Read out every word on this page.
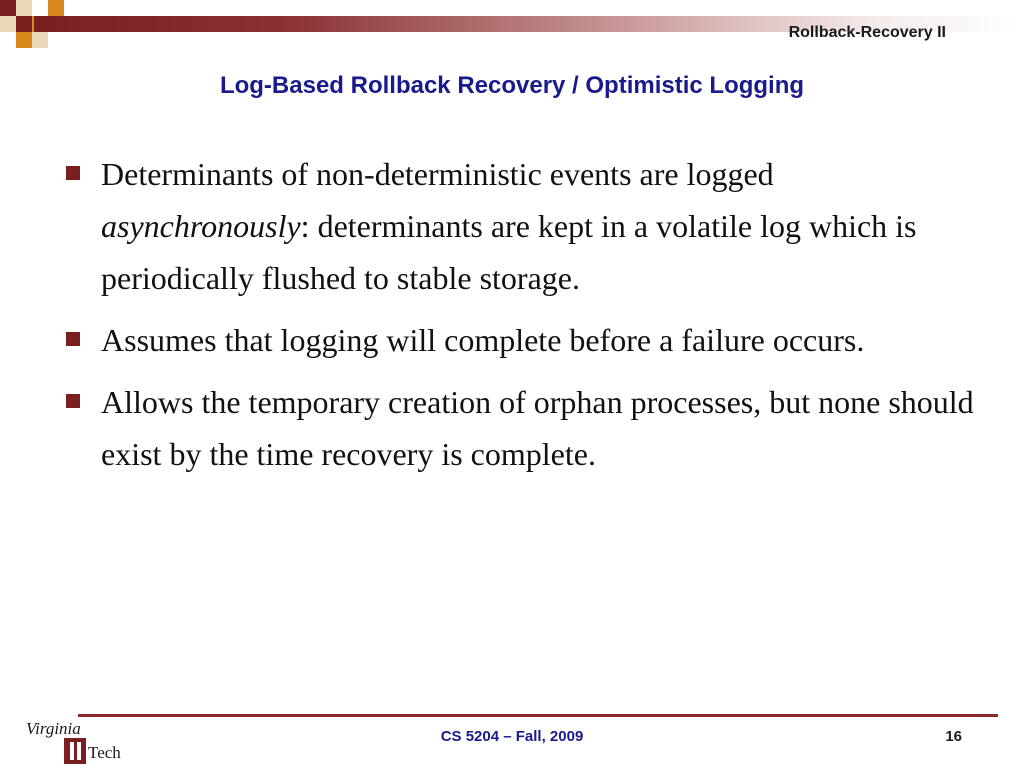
Rollback-Recovery II
Log-Based Rollback Recovery / Optimistic Logging
Determinants of non-deterministic events are logged asynchronously: determinants are kept in a volatile log which is periodically flushed to stable storage.
Assumes that logging will complete before a failure occurs.
Allows the temporary creation of orphan processes, but none should exist by the time recovery is complete.
Virginia
Tech
CS 5204 – Fall, 2009	16
